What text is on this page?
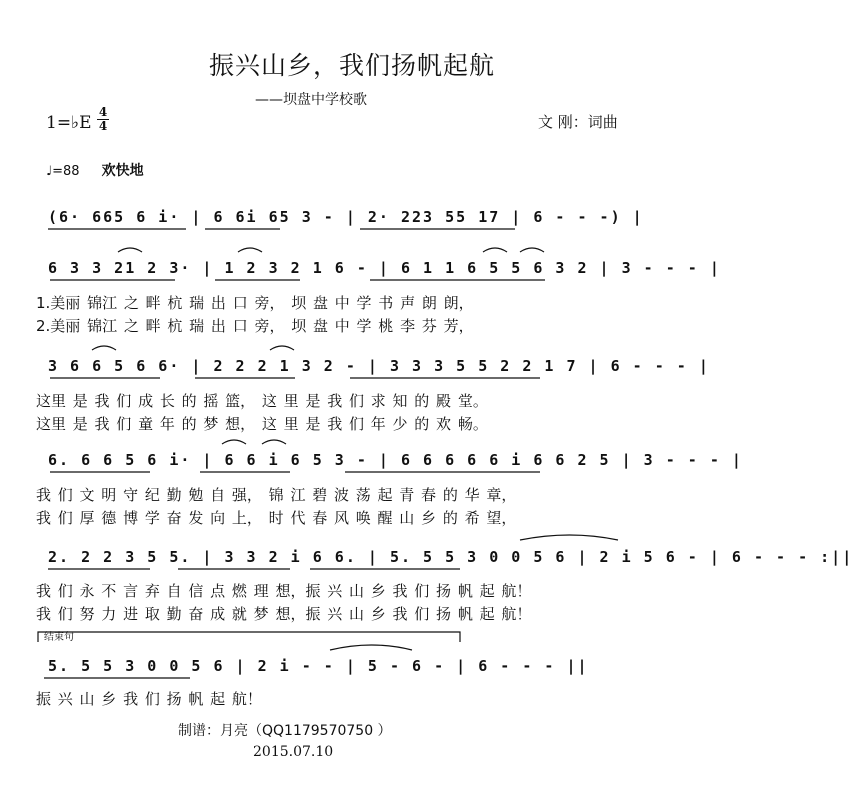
振兴山乡，我们扬帆起航
——坝盘中学校歌
1=♭E
4
4	文 刚：词曲
♩=88 欢快地
(6· 665 6 i· | 6 6i 65 3 - | 2· 223 55 17 | 6 - - -) |
6 3 3 21 2 3· | 1 2 3 2 1 6 - | 6 1 1 6 5 5 6 3 2 | 3 - - - |
1.美丽 锦江 之 畔 杭 瑞 出 口 旁， 坝 盘 中 学 书 声 朗 朗，
2.美丽 锦江 之 畔 杭 瑞 出 口 旁， 坝 盘 中 学 桃 李 芬 芳，
3 6 6 5 6 6· | 2 2 2 1 3 2 - | 3 3 3 5 5 2 2 1 7 | 6 - - - |
这里 是 我 们 成 长 的 摇 篮， 这 里 是 我 们 求 知 的 殿 堂。
这里 是 我 们 童 年 的 梦 想， 这 里 是 我 们 年 少 的 欢 畅。
6. 6 6 5 6 i· | 6 6 i 6 5 3 - | 6 6 6 6 6 i 6 6 2 5 | 3 - - - |
我 们 文 明 守 纪 勤 勉 自 强， 锦 江 碧 波 荡 起 青 春 的 华 章，
我 们 厚 德 博 学 奋 发 向 上， 时 代 春 风 唤 醒 山 乡 的 希 望，
2. 2 2 3 5 5. | 3 3 2 i 6 6. | 5. 5 5 3 0 0 5 6 | 2 i 5 6 - | 6 - - - :||
我 们 永 不 言 弃 自 信 点 燃 理 想，振 兴 山 乡 我 们 扬 帆 起 航！
我 们 努 力 进 取 勤 奋 成 就 梦 想，振 兴 山 乡 我 们 扬 帆 起 航！
结束句
5. 5 5 3 0 0 5 6 | 2 i - - | 5 - 6 - | 6 - - - ||
振 兴 山 乡 我 们 扬 帆 起 航！
制谱：月亮（QQ1179570750 ）
2015.07.10
